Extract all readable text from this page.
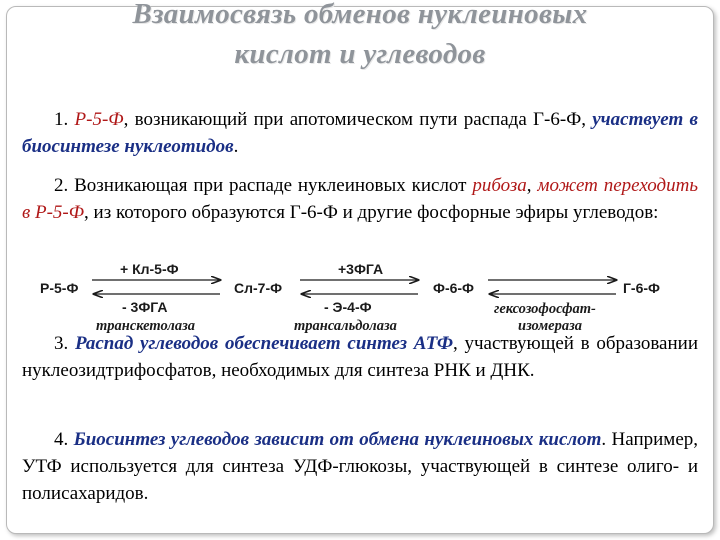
Взаимосвязь обменов нуклеиновых
кислот и углеводов
1. Р-5-Ф, возникающий при апотомическом пути распада Г-6-Ф, участвует в биосинтезе нуклеотидов.
2. Возникающая при распаде нуклеиновых кислот рибоза, может переходить в Р-5-Ф, из которого образуются Г-6-Ф и другие фосфорные эфиры углеводов:
Р-5-Ф	Сл-7-Ф	Ф-6-Ф	Г-6-Ф
+ Кл-5-Ф
- 3ФГА
транскетолаза
+3ФГА
- Э-4-Ф
трансальдолаза
гексозофосфат-
изомераза
3. Распад углеводов обеспечивает синтез АТФ, участвующей в образовании нуклеозидтрифосфатов, необходимых для синтеза РНК и ДНК.
4. Биосинтез углеводов зависит от обмена нуклеиновых кислот. Например, УТФ используется для синтеза УДФ-глюкозы, участвующей в синтезе олиго- и полисахаридов.
